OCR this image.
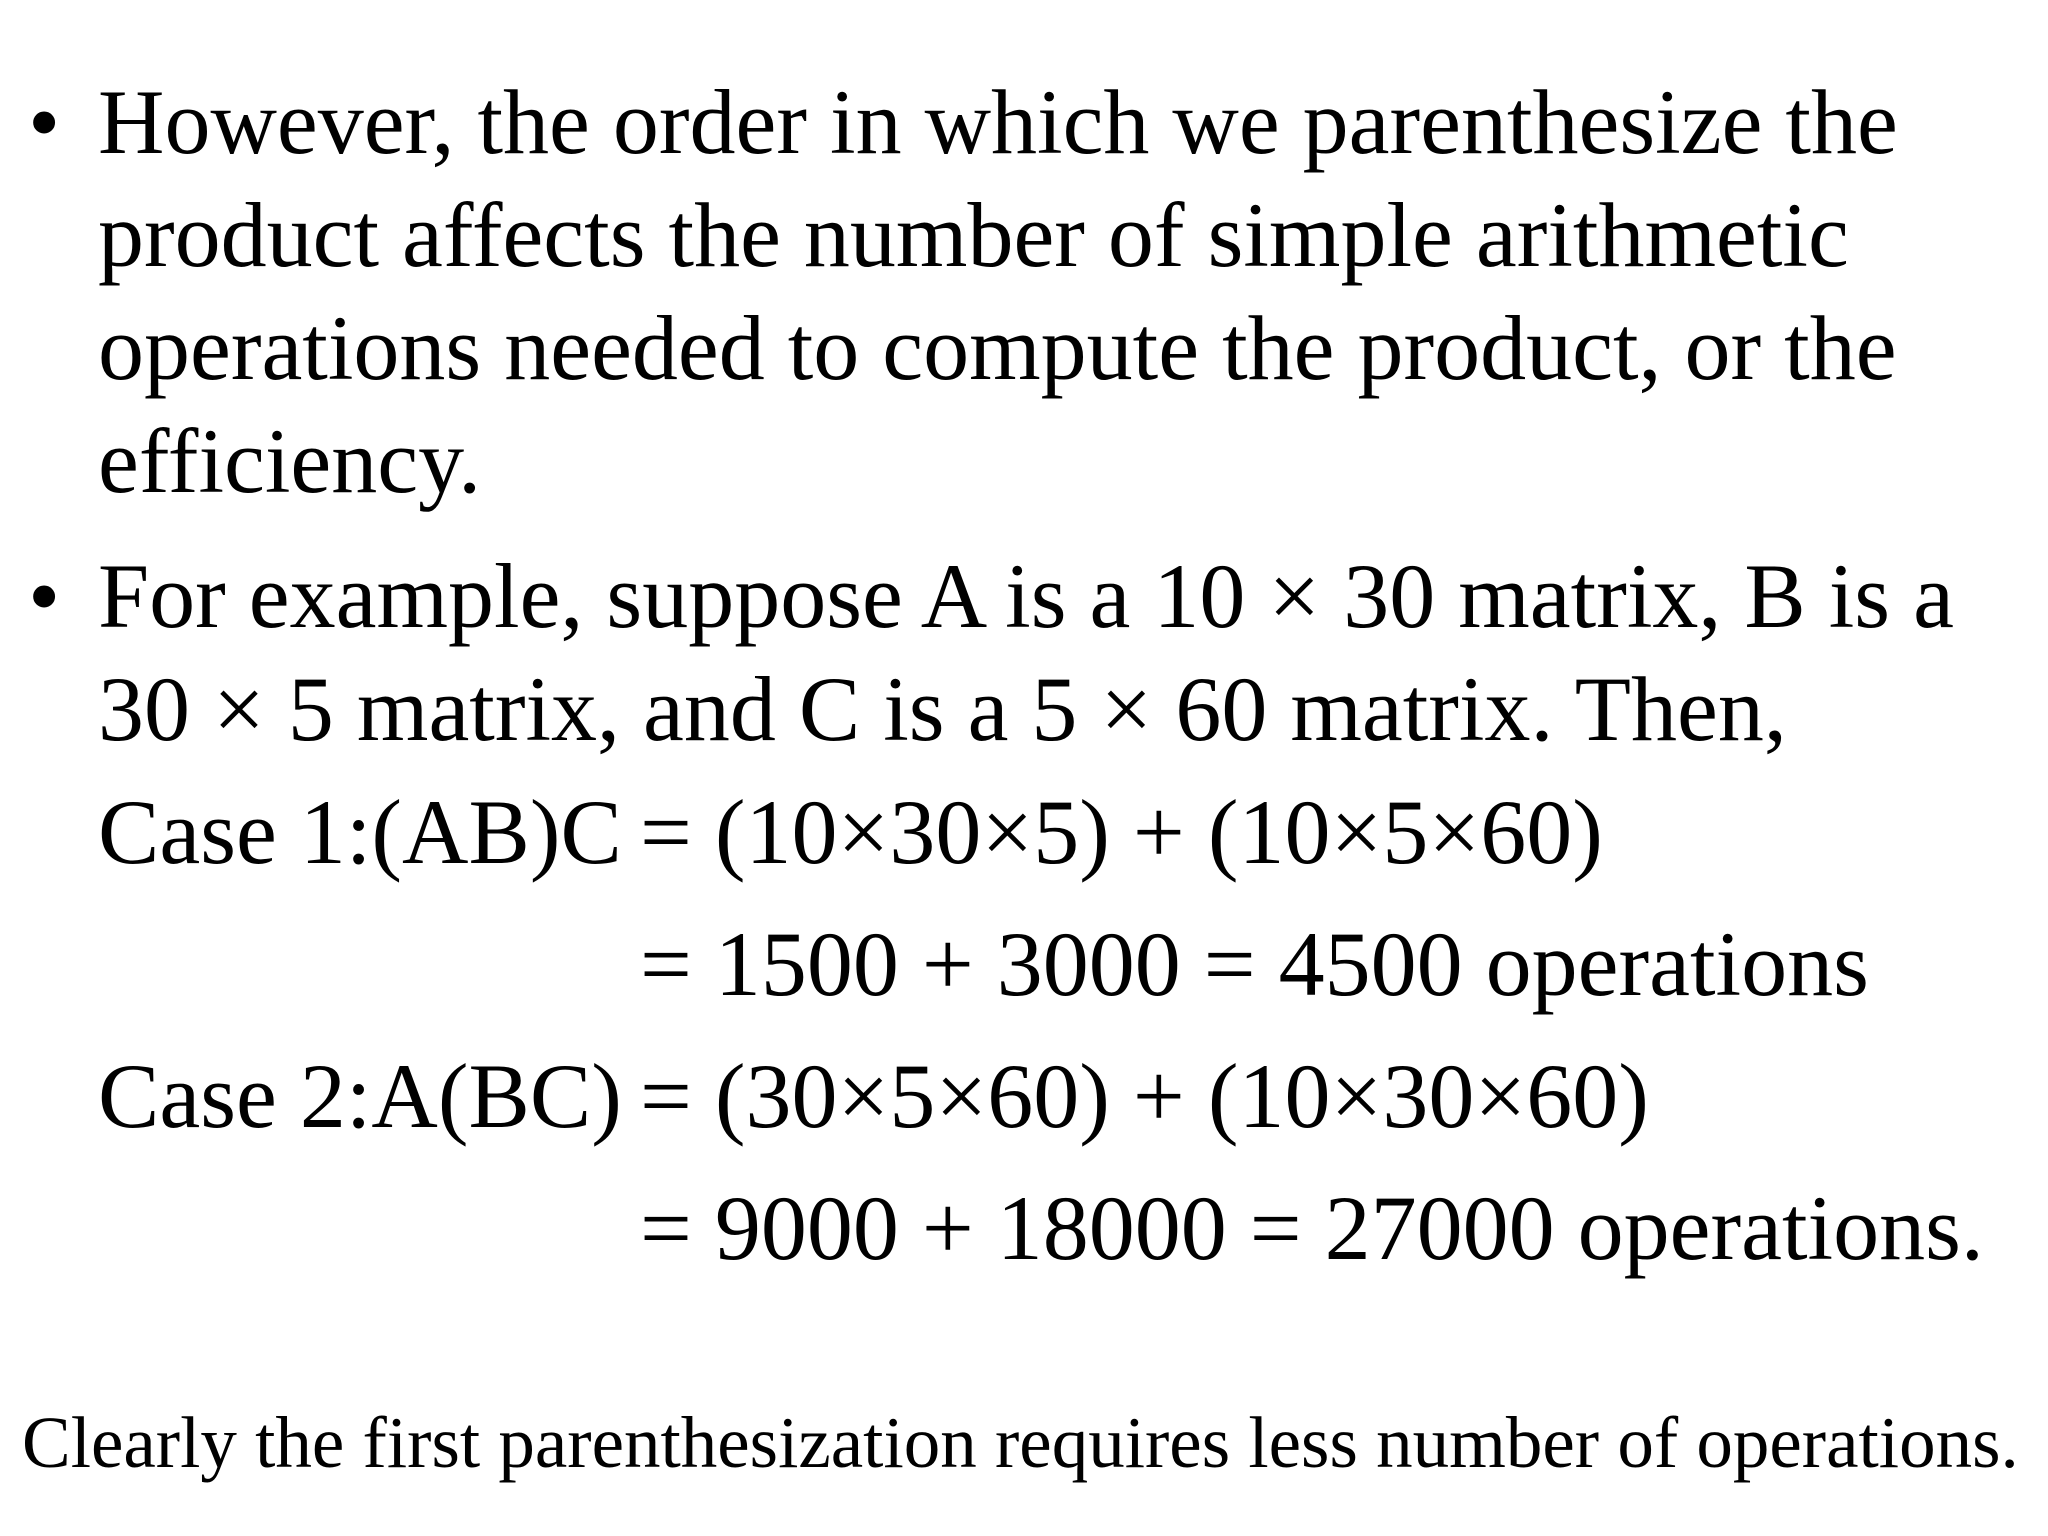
• However, the order in which we parenthesize the
product affects the number of simple arithmetic
operations needed to compute the product, or the
efficiency.
• For example, suppose A is a 10 × 30 matrix, B is a
30 × 5 matrix, and C is a 5 × 60 matrix. Then,
Case 1:(AB)C = (10×30×5) + (10×5×60)
= 1500 + 3000 = 4500 operations
Case 2:A(BC) = (30×5×60) + (10×30×60)
= 9000 + 18000 = 27000 operations.
Clearly the first parenthesization requires less number of operations.
